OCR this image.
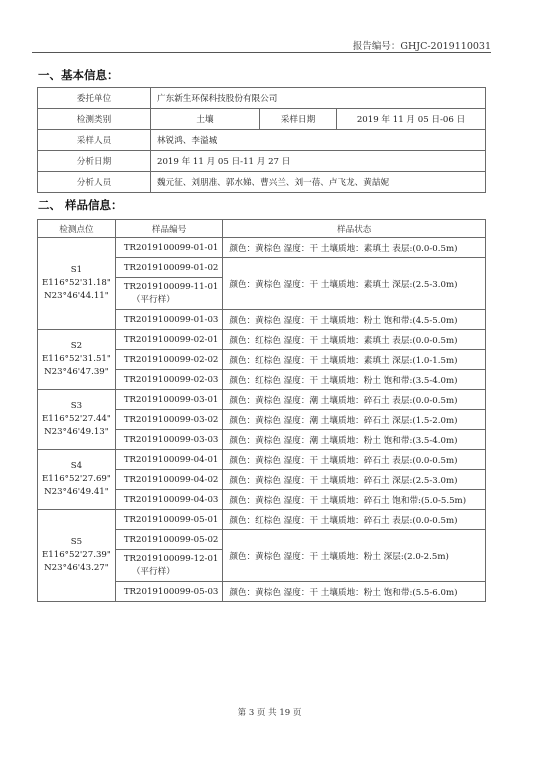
报告编号：GHJC-2019110031
一、基本信息：
委托单位	广东新生环保科技股份有限公司		
检测类别	土壤	采样日期	2019 年 11 月 05 日-06 日
采样人员	林锐鸿、李溢城		
分析日期	2019 年 11 月 05 日-11 月 27 日		
分析人员	魏元征、刘朋准、郭水娣、曹兴兰、刘一蓓、卢飞龙、黄喆妮		
二、 样品信息：
检测点位	样品编号	样品状态

S1
E116°52'31.18"
N23°46'44.11"	TR2019100099-01-01	颜色：黄棕色 湿度：干 土壤质地：素填土 表层:(0.0-0.5m)
	TR2019100099-01-02	颜色：黄棕色 湿度：干 土壤质地：素填土 深层:(2.5-3.0m)
	TR2019100099-11-01
（平行样）	

	TR2019100099-01-03	颜色：黄棕色 湿度：干 土壤质地：粉土 饱和带:(4.5-5.0m)

S2
E116°52'31.51"
N23°46'47.39"	TR2019100099-02-01	颜色：红棕色 湿度：干 土壤质地：素填土 表层:(0.0-0.5m)
	TR2019100099-02-02	颜色：红棕色 湿度：干 土壤质地：素填土 深层:(1.0-1.5m)
	TR2019100099-02-03	颜色：红棕色 湿度：干 土壤质地：粉土 饱和带:(3.5-4.0m)

S3
E116°52'27.44"
N23°46'49.13"	TR2019100099-03-01	颜色：黄棕色 湿度：潮 土壤质地：碎石土 表层:(0.0-0.5m)
	TR2019100099-03-02	颜色：黄棕色 湿度：潮 土壤质地：碎石土 深层:(1.5-2.0m)
	TR2019100099-03-03	颜色：黄棕色 湿度：潮 土壤质地：粉土 饱和带:(3.5-4.0m)

S4
E116°52'27.69"
N23°46'49.41"	TR2019100099-04-01	颜色：黄棕色 湿度：干 土壤质地：碎石土 表层:(0.0-0.5m)
	TR2019100099-04-02	颜色：黄棕色 湿度：干 土壤质地：碎石土 深层:(2.5-3.0m)
	TR2019100099-04-03	颜色：黄棕色 湿度：干 土壤质地：碎石土 饱和带:(5.0-5.5m)

S5
E116°52'27.39"
N23°46'43.27"	TR2019100099-05-01	颜色：红棕色 湿度：干 土壤质地：碎石土 表层:(0.0-0.5m)
	TR2019100099-05-02	颜色：黄棕色 湿度：干 土壤质地：粉土 深层:(2.0-2.5m)
	TR2019100099-12-01
（平行样）	

	TR2019100099-05-03	颜色：黄棕色 湿度：干 土壤质地：粉土 饱和带:(5.5-6.0m)
第 3 页 共 19 页
